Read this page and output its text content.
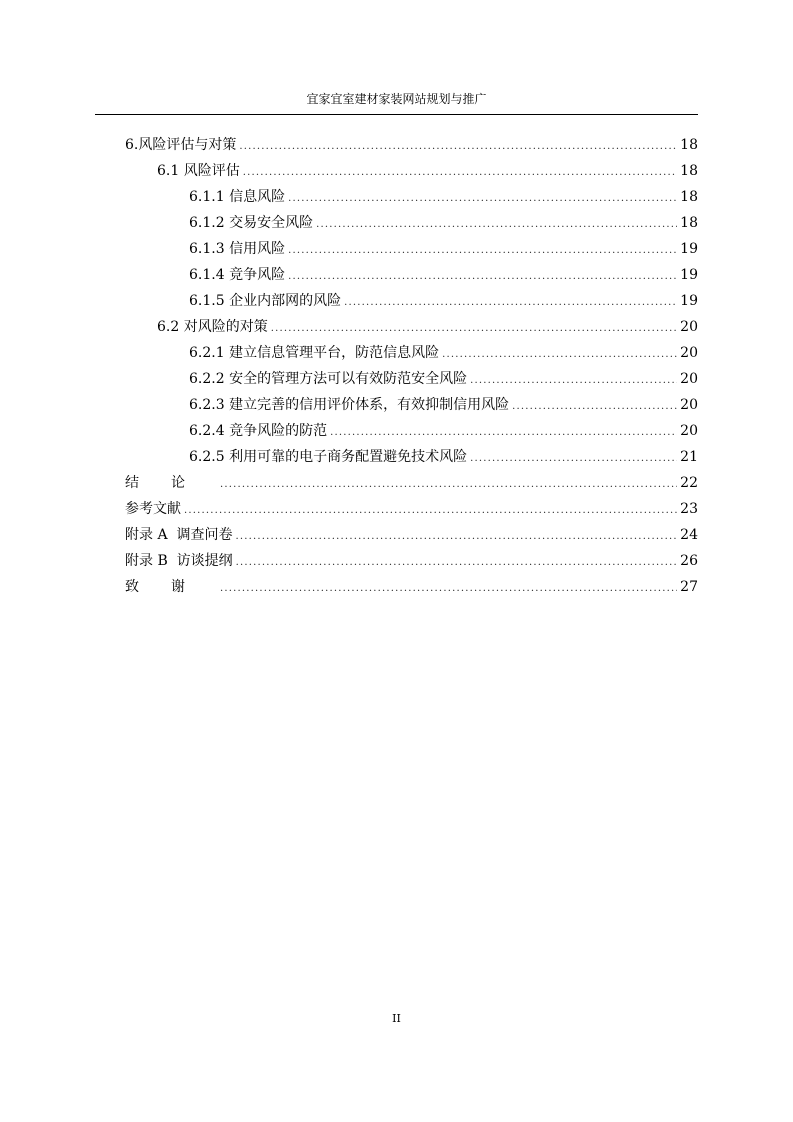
宜家宜室建材家装网站规划与推广
6.风险评估与对策 .....	18
6.1 风险评估 .....	18
6.1.1 信息风险 .....	18
6.1.2 交易安全风险 .....	18
6.1.3 信用风险 .....	19
6.1.4 竞争风险 .....	19
6.1.5 企业内部网的风险 .....	19
6.2 对风险的对策 .....	20
6.2.1 建立信息管理平台，防范信息风险 .....	20
6.2.2 安全的管理方法可以有效防范安全风险 .....	20
6.2.3 建立完善的信用评价体系，有效抑制信用风险 .....	20
6.2.4 竞争风险的防范 .....	20
6.2.5 利用可靠的电子商务配置避免技术风险 .....	21
结论 .....	22
参考文献 .....	23
附录 A  调查问卷 .....	24
附录 B  访谈提纲 .....	26
致谢 .....	27
II
